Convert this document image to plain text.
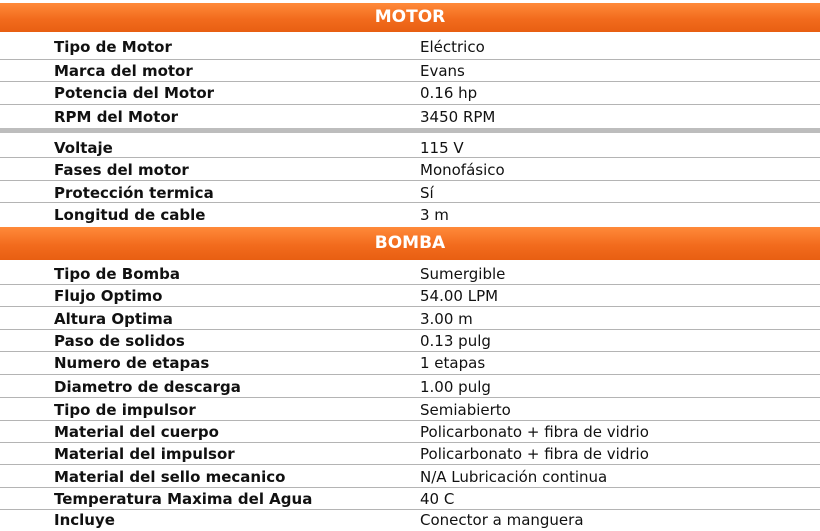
MOTOR
Tipo de Motor	Eléctrico
Marca del motor	Evans
Potencia del Motor	0.16 hp
RPM del Motor	3450 RPM
Voltaje	115 V
Fases del motor	Monofásico
Protección termica	Sí
Longitud de cable	3 m
BOMBA
Tipo de Bomba	Sumergible
Flujo Optimo	54.00 LPM
Altura Optima	3.00 m
Paso de solidos	0.13 pulg
Numero de etapas	1 etapas
Diametro de descarga	1.00 pulg
Tipo de impulsor	Semiabierto
Material del cuerpo	Policarbonato + fibra de vidrio
Material del impulsor	Policarbonato + fibra de vidrio
Material del sello mecanico	N/A Lubricación continua
Temperatura Maxima del Agua	40 C
Incluye	Conector a manguera
